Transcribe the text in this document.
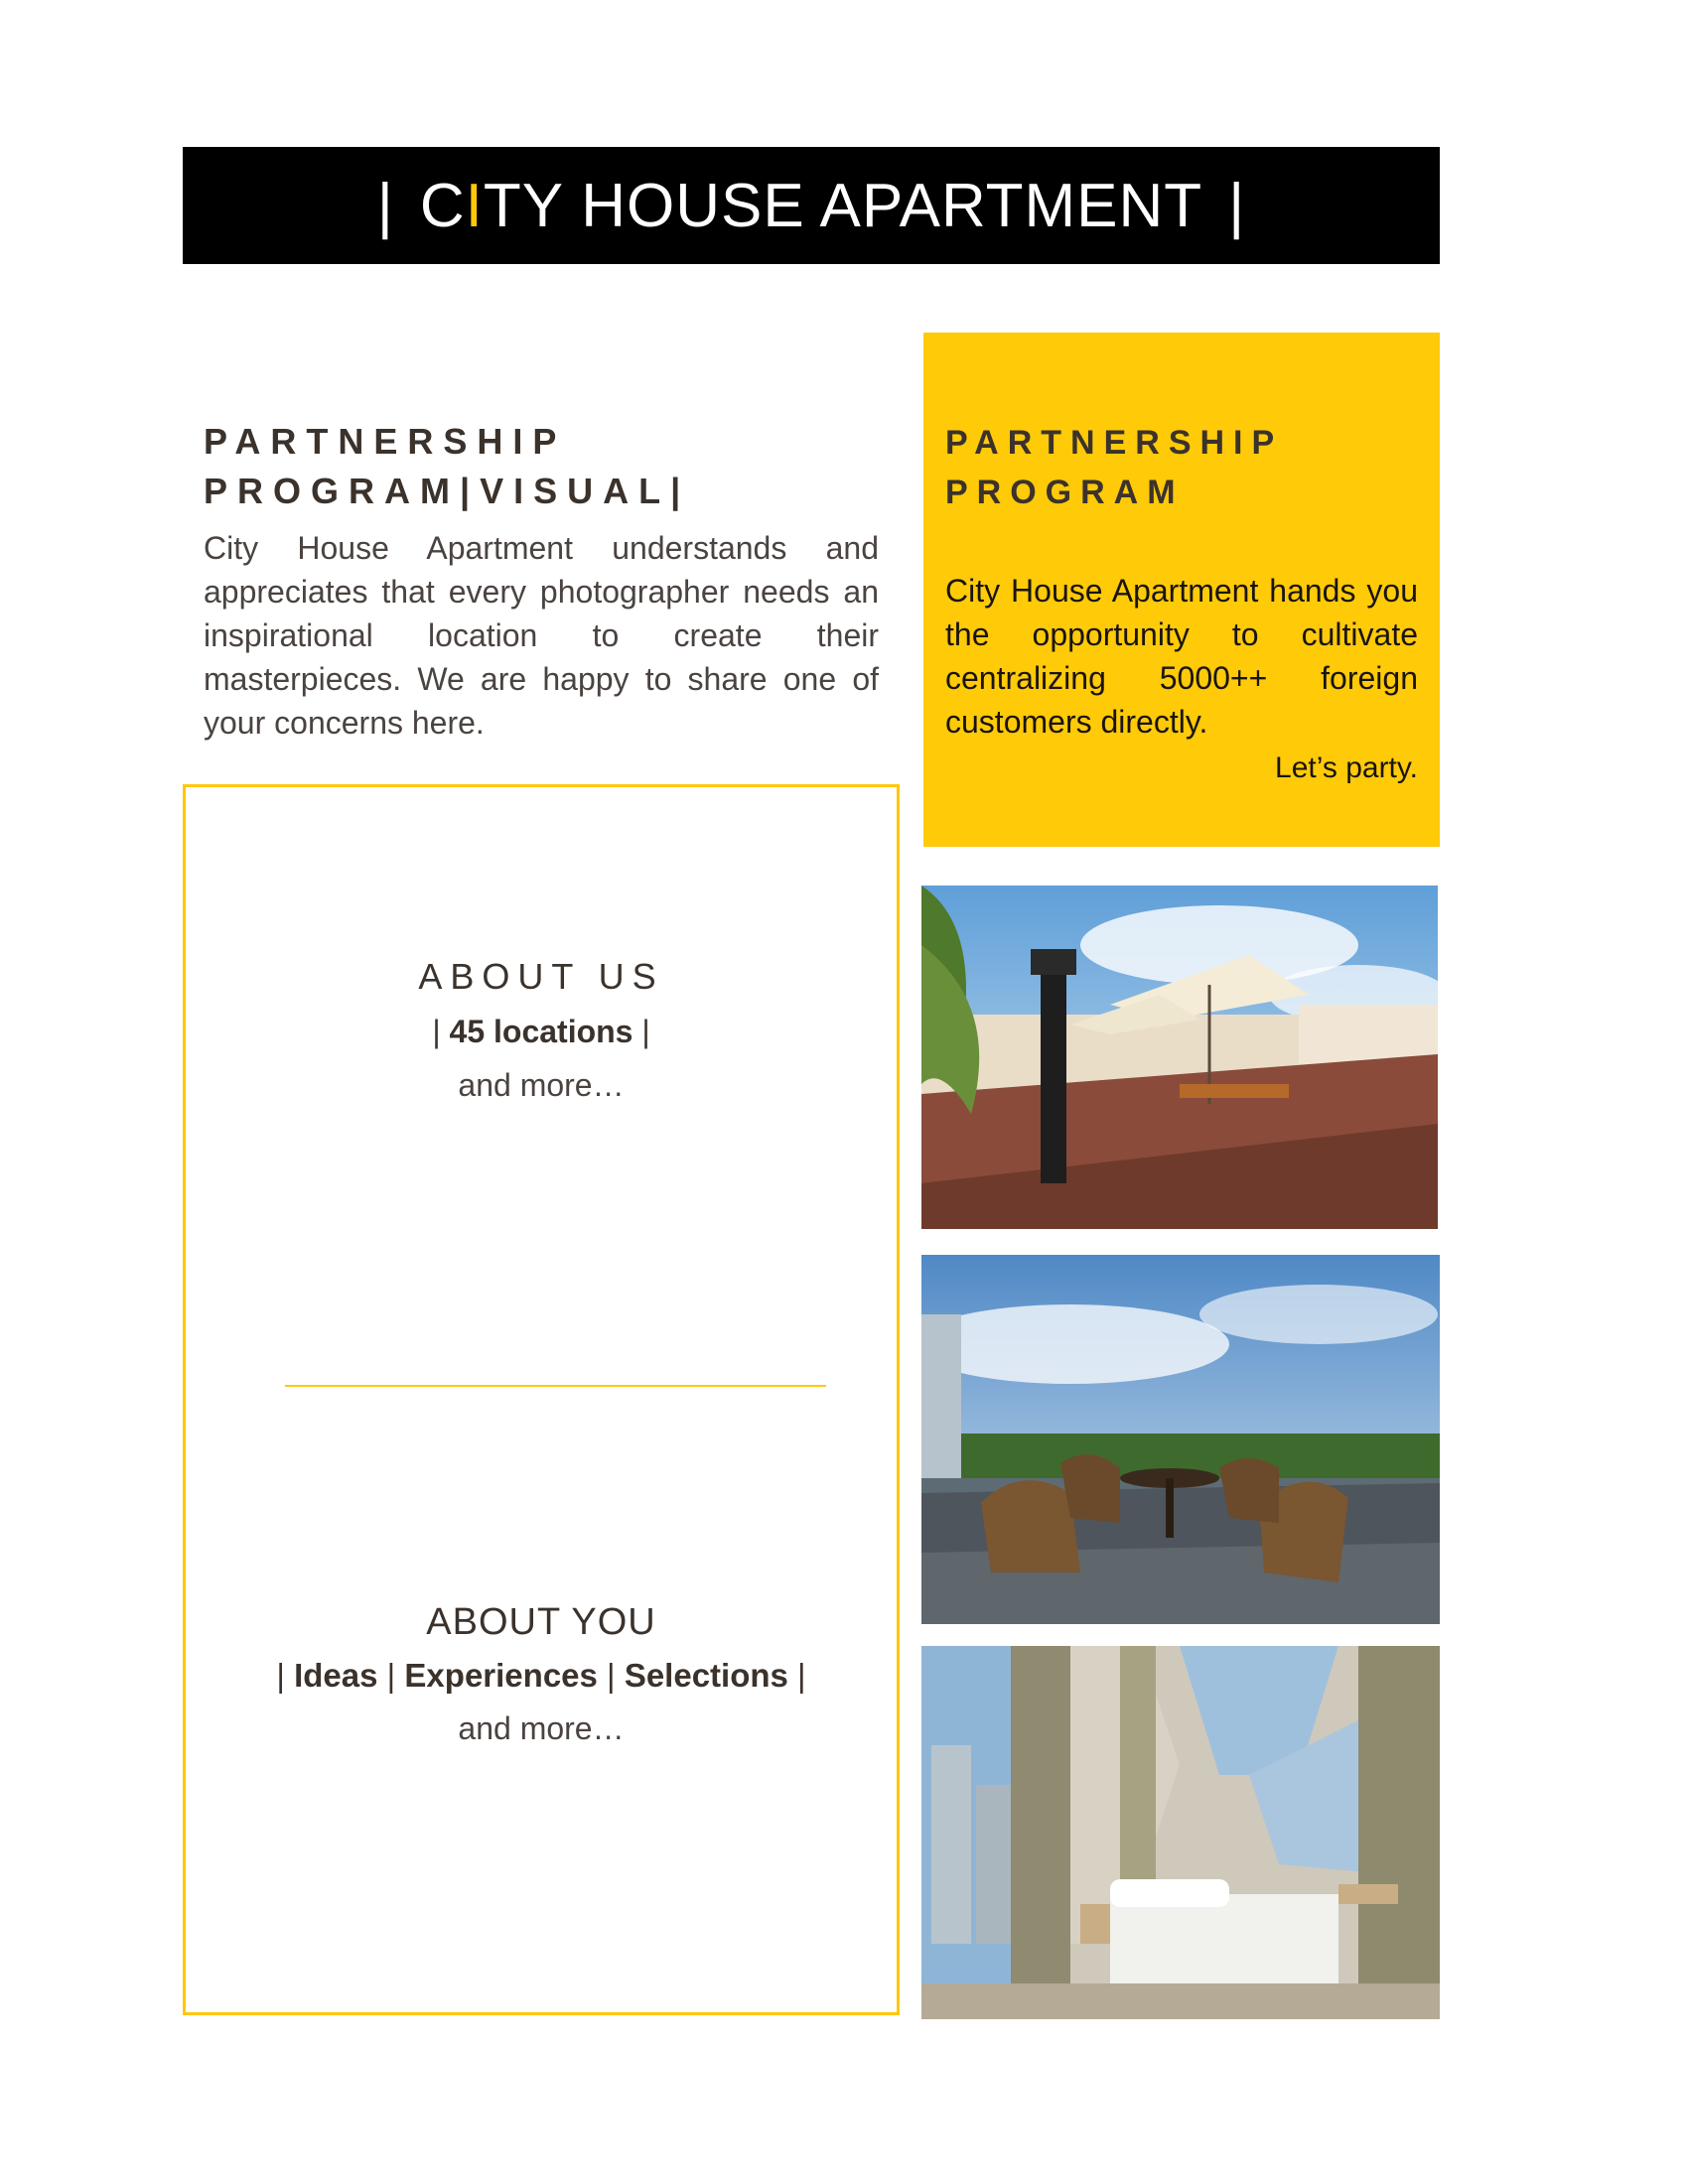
| CITY HOUSE APARTMENT |
PARTNERSHIP
PROGRAM|VISUAL|
City House Apartment understands and appreciates that every photographer needs an inspirational location to create their masterpieces. We are happy to share one of your concerns here.
PARTNERSHIP
PROGRAM
City House Apartment hands you the opportunity to cultivate centralizing 5000++ foreign customers directly.
Let’s party.
ABOUT US
| 45 locations |
and more…
ABOUT YOU
| Ideas | Experiences | Selections |
and more…
